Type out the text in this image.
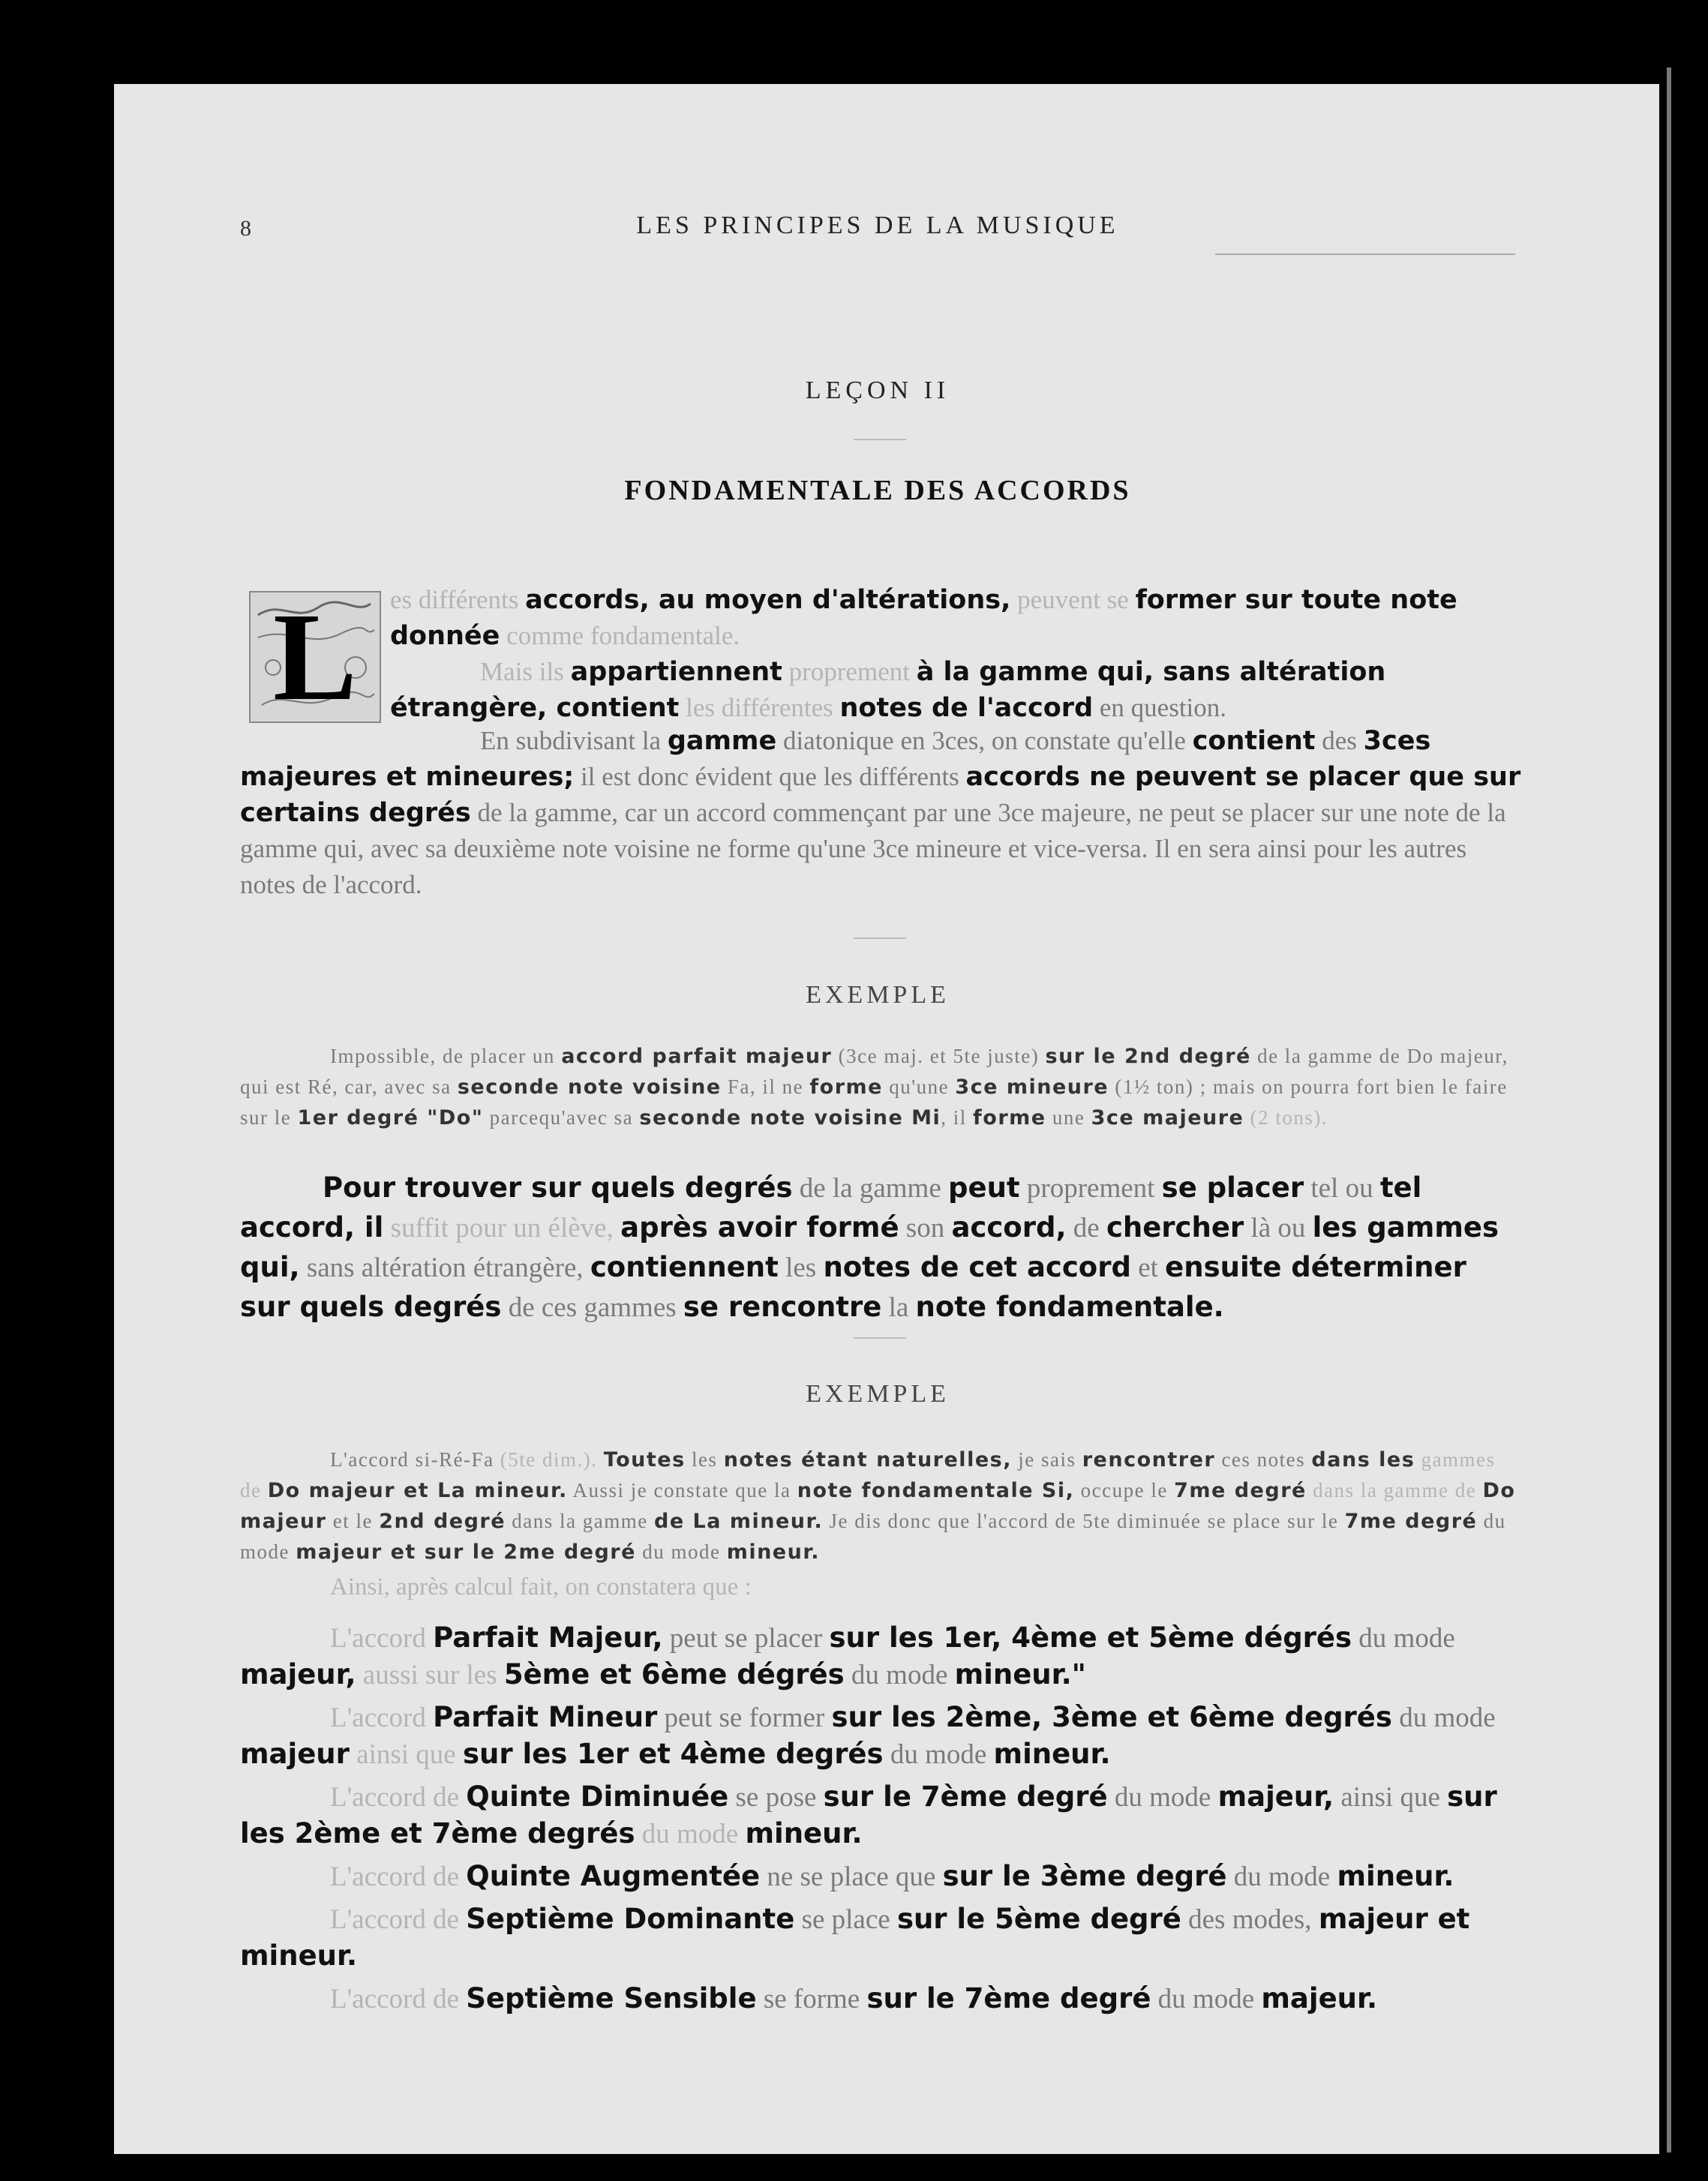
8	LES PRINCIPES DE LA MUSIQUE
LEÇON II
FONDAMENTALE DES ACCORDS
L	es différents accords, au moyen d'altérations, peuvent se former sur toute note donnée comme fondamentale.
Mais ils appartiennent proprement à la gamme qui, sans altération étrangère, contient les différentes notes de l'accord en question.
En subdivisant la gamme diatonique en 3ces, on constate qu'elle contient des 3ces majeures et mineures; il est donc évident que les différents accords ne peuvent se placer que sur certains degrés de la gamme, car un accord commençant par une 3ce majeure, ne peut se placer sur une note de la gamme qui, avec sa deuxième note voisine ne forme qu'une 3ce mineure et vice-versa. Il en sera ainsi pour les autres notes de l'accord.
EXEMPLE
Impossible, de placer un accord parfait majeur (3ce maj. et 5te juste) sur le 2nd degré de la gamme de Do majeur, qui est Ré, car, avec sa seconde note voisine Fa, il ne forme qu'une 3ce mineure (1½ ton) ; mais on pourra fort bien le faire sur le 1er degré "Do" parcequ'avec sa seconde note voisine Mi, il forme une 3ce majeure (2 tons).
Pour trouver sur quels degrés de la gamme peut proprement se placer tel ou tel accord, il suffit pour un élève, après avoir formé son accord, de chercher là ou les gammes qui, sans altération étrangère, contiennent les notes de cet accord et ensuite déterminer sur quels degrés de ces gammes se rencontre la note fondamentale.
EXEMPLE
L'accord si-Ré-Fa (5te dim.). Toutes les notes étant naturelles, je sais rencontrer ces notes dans les gammes de Do majeur et La mineur. Aussi je constate que la note fondamentale Si, occupe le 7me degré dans la gamme de Do majeur et le 2nd degré dans la gamme de La mineur. Je dis donc que l'accord de 5te diminuée se place sur le 7me degré du mode majeur et sur le 2me degré du mode mineur.
Ainsi, après calcul fait, on constatera que :
L'accord Parfait Majeur, peut se placer sur les 1er, 4ème et 5ème dégrés du mode majeur, aussi sur les 5ème et 6ème dégrés du mode mineur."
L'accord Parfait Mineur peut se former sur les 2ème, 3ème et 6ème degrés du mode majeur ainsi que sur les 1er et 4ème degrés du mode mineur.
L'accord de Quinte Diminuée se pose sur le 7ème degré du mode majeur, ainsi que sur les 2ème et 7ème degrés du mode mineur.
L'accord de Quinte Augmentée ne se place que sur le 3ème degré du mode mineur.
L'accord de Septième Dominante se place sur le 5ème degré des modes, majeur et mineur.
L'accord de Septième Sensible se forme sur le 7ème degré du mode majeur.
